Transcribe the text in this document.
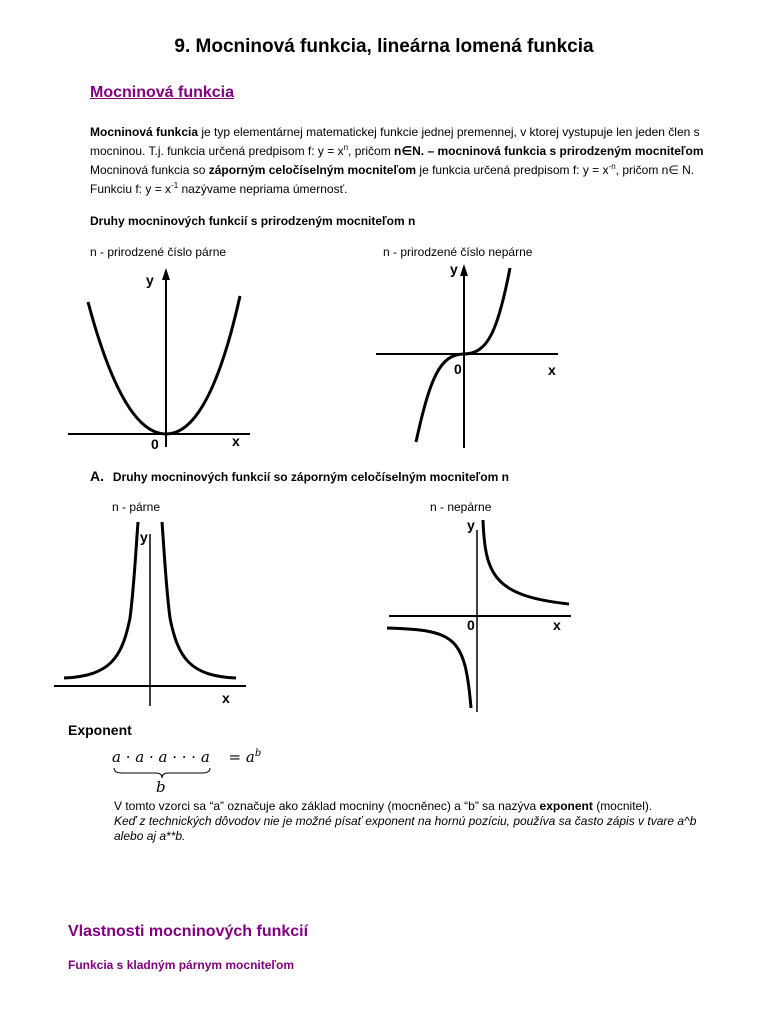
9. Mocninová funkcia, lineárna lomená funkcia
Mocninová funkcia
Mocninová funkcia je typ elementárnej matematickej funkcie jednej premennej, v ktorej vystupuje len jeden člen s mocninou. T.j. funkcia určená predpisom f: $y = x^n$, pričom n∈N. – mocninová funkcia s prirodzeným mocniteľom
Mocninová funkcia so záporným celočíselným mocniteľom je funkcia určená predpisom f: $y = x^{-n}$, pričom n∈ N. Funkciu f: $y = x^{-1}$ nazývame nepriama úmernosť.
Druhy mocninových funkcií s prirodzeným mocniteľom n
n - prirodzené číslo párne	n - prirodzené číslo nepárne
y
0	x
y
0	x
A. Druhy mocninových funkcií so záporným celočíselným mocniteľom n
n - párne	n - nepárne
y
x
y
0	x
Exponent
a · a · a · · · $a = a^b$
b
V tomto vzorci sa “a” označuje ako základ mocniny (mocněnec) a “b” sa nazýva exponent (mocnitel).
Keď z technických dôvodov nie je možné písať exponent na hornú pozíciu, používa sa často zápis v tvare a^b alebo aj a**b.
Vlastnosti mocninových funkcií
Funkcia s kladným párnym mocniteľom
